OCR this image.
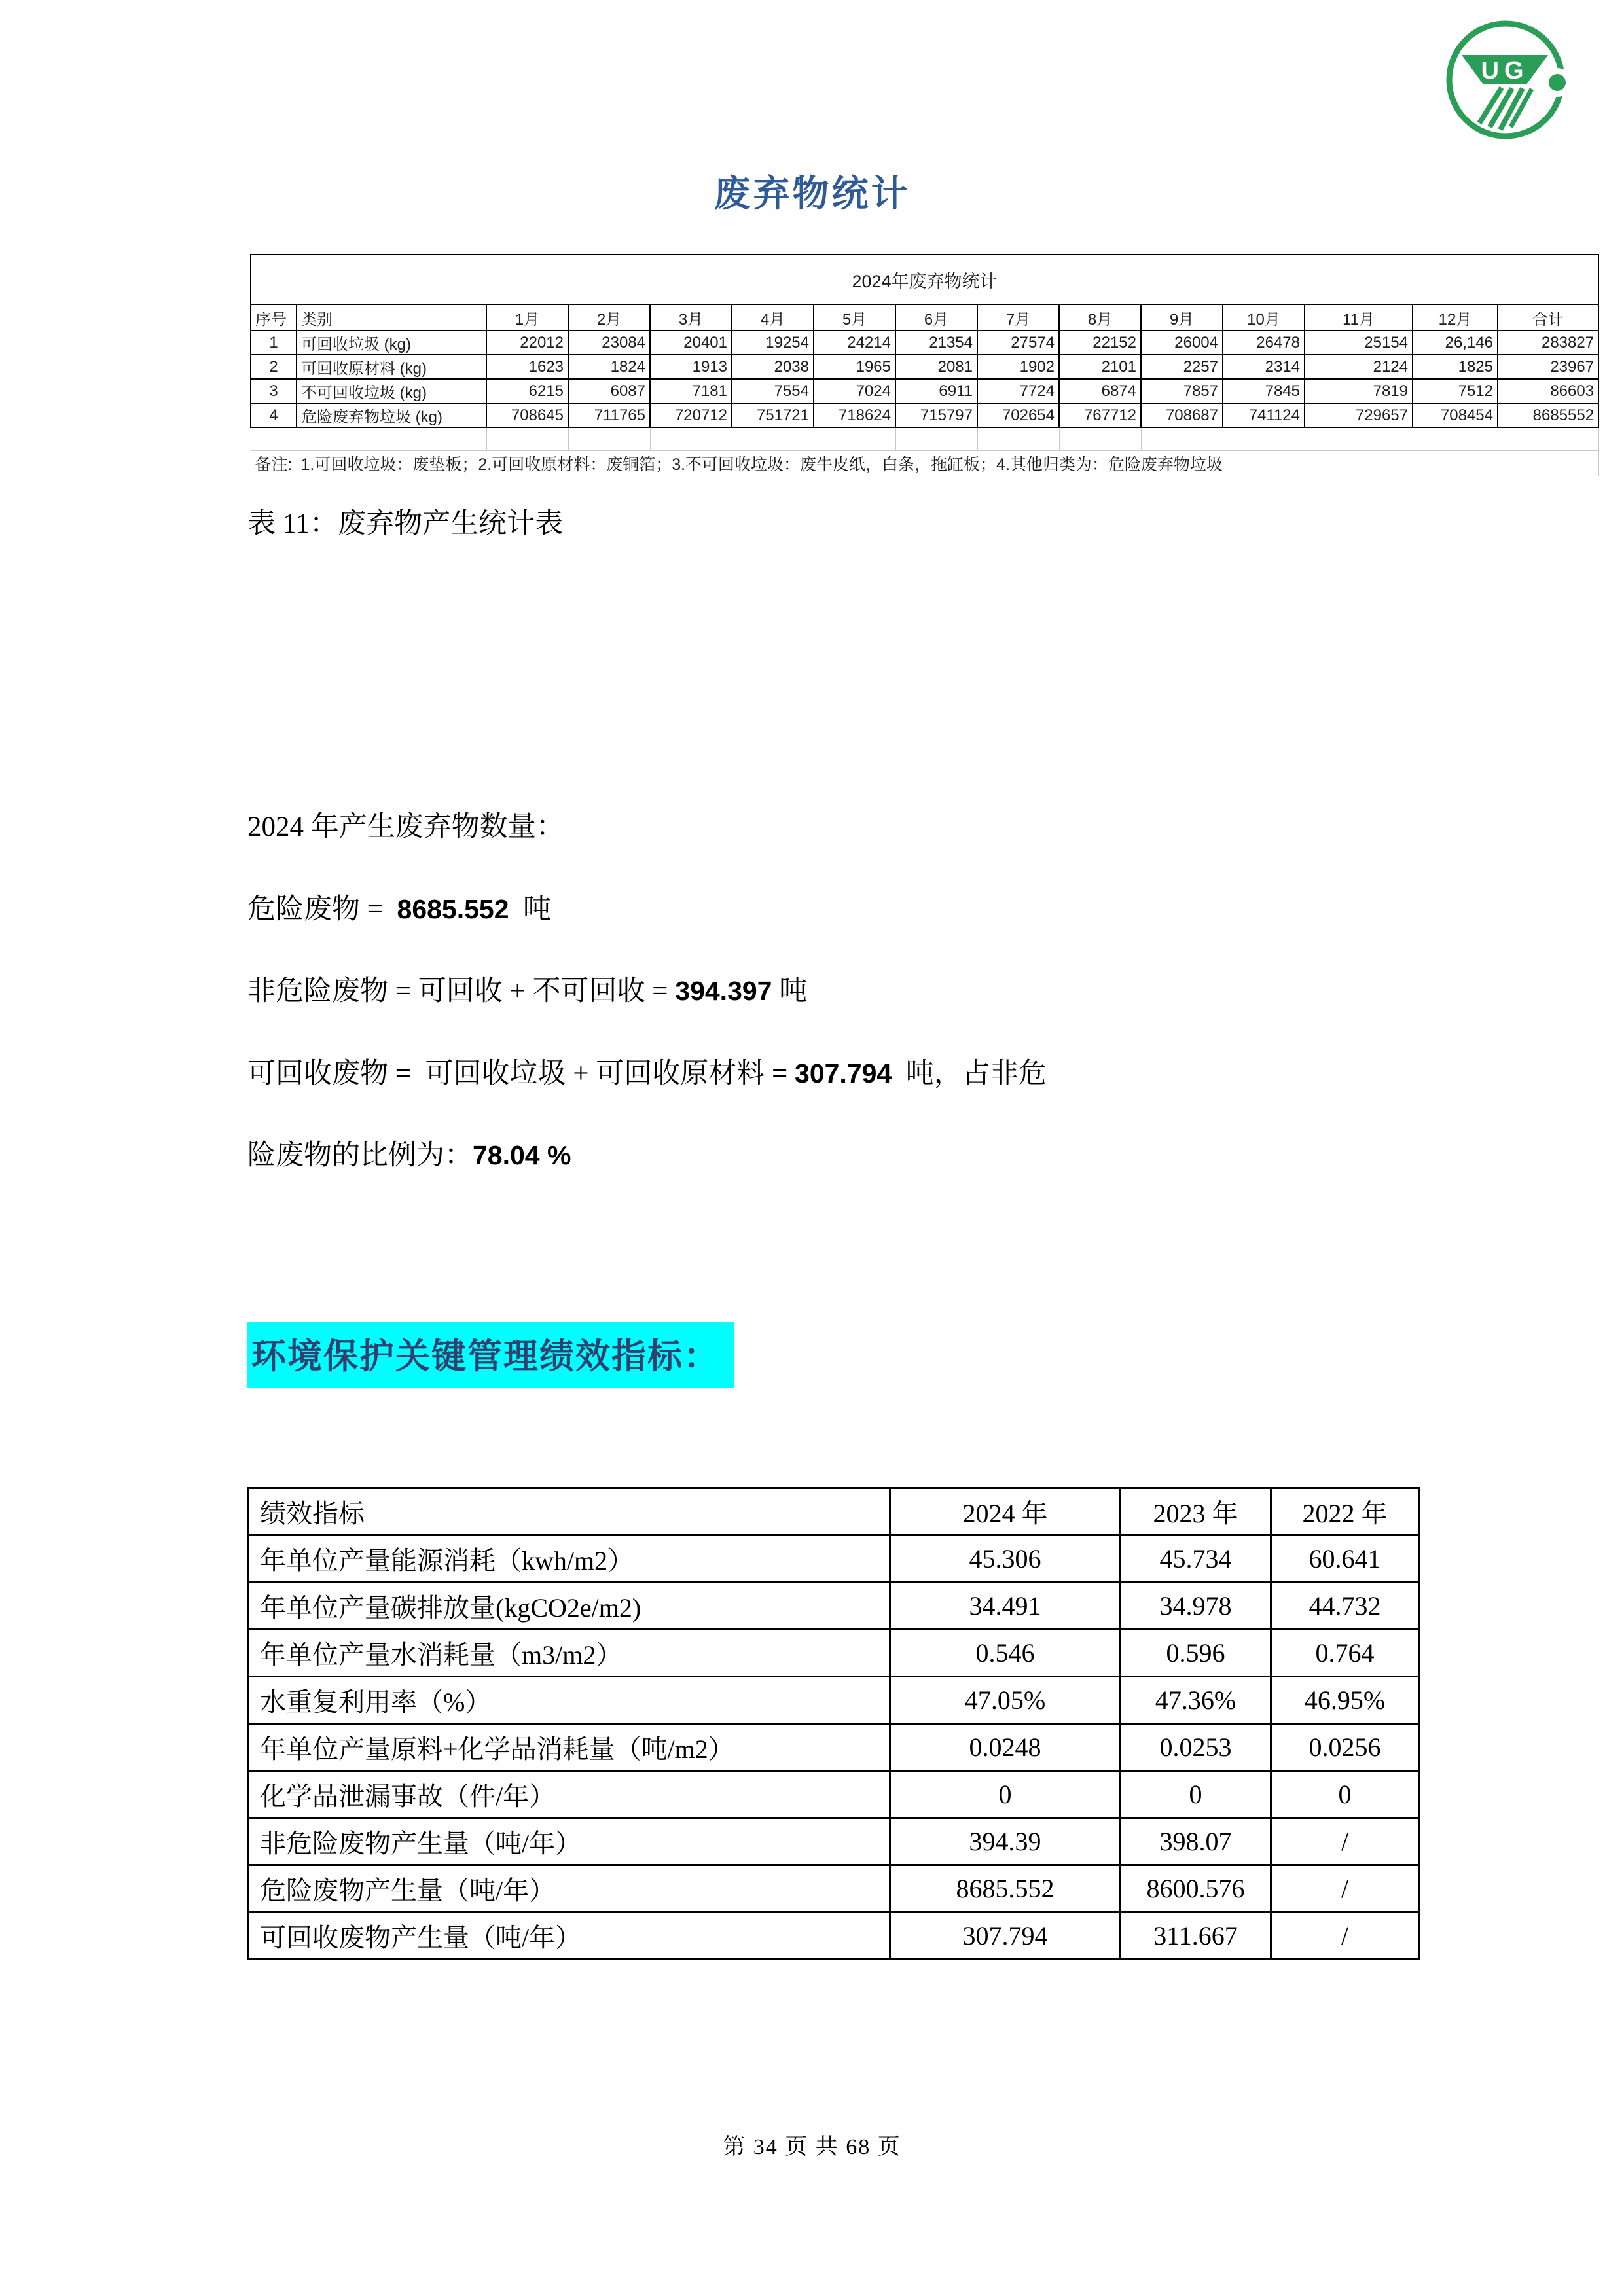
UG
废弃物统计
2024年废弃物统计														
序号	类别	1月	2月	3月	4月	5月	6月	7月	8月	9月	10月	11月	12月	合计
1	可回收垃圾 (kg)	22012	23084	20401	19254	24214	21354	27574	22152	26004	26478	25154	26,146	283827
2	可回收原材料 (kg)	1623	1824	1913	2038	1965	2081	1902	2101	2257	2314	2124	1825	23967
3	不可回收垃圾 (kg)	6215	6087	7181	7554	7024	6911	7724	6874	7857	7845	7819	7512	86603
4	危险废弃物垃圾 (kg)	708645	711765	720712	751721	718624	715797	702654	767712	708687	741124	729657	708454	8685552

备注:	1.可回收垃圾：废垫板；2.可回收原材料：废铜箔；3.不可回收垃圾：废牛皮纸，白条，拖缸板；4.其他归类为：危险废弃物垃圾													
表 11：废弃物产生统计表

2024 年产生废弃物数量：

危险废物 =  8685.552  吨

非危险废物 = 可回收 + 不可回收 = 394.397 吨

可回收废物 =  可回收垃圾 + 可回收原材料 = 307.794  吨，占非危

险废物的比例为：78.04 %

环境保护关键管理绩效指标：
绩效指标	2024 年	2023 年	2022 年
年单位产量能源消耗（kwh/m2）	45.306	45.734	60.641
年单位产量碳排放量(kgCO2e/m2)	34.491	34.978	44.732
年单位产量水消耗量（m3/m2）	0.546	0.596	0.764
水重复利用率（%）	47.05%	47.36%	46.95%
年单位产量原料+化学品消耗量（吨/m2）	0.0248	0.0253	0.0256
化学品泄漏事故（件/年）	0	0	0
非危险废物产生量（吨/年）	394.39	398.07	/
危险废物产生量（吨/年）	8685.552	8600.576	/
可回收废物产生量（吨/年）	307.794	311.667	/
第 34 页 共 68 页
